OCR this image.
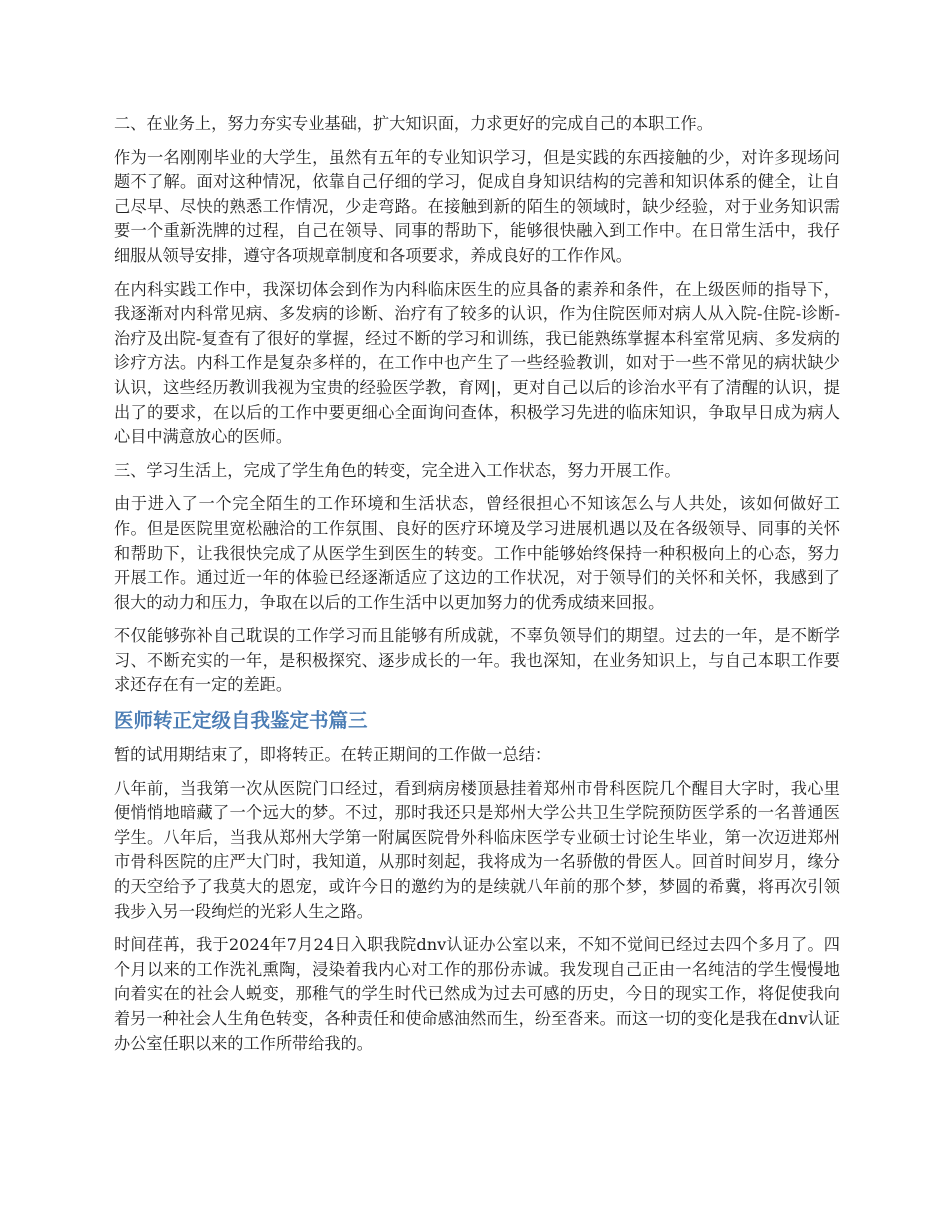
二、在业务上，努力夯实专业基础，扩大知识面，力求更好的完成自己的本职工作。

作为一名刚刚毕业的大学生，虽然有五年的专业知识学习，但是实践的东西接触的少，对许多现场问题不了解。面对这种情况，依靠自己仔细的学习，促成自身知识结构的完善和知识体系的健全，让自己尽早、尽快的熟悉工作情况，少走弯路。在接触到新的陌生的领域时，缺少经验，对于业务知识需要一个重新洗牌的过程，自己在领导、同事的帮助下，能够很快融入到工作中。在日常生活中，我仔细服从领导安排，遵守各项规章制度和各项要求，养成良好的工作作风。

在内科实践工作中，我深切体会到作为内科临床医生的应具备的素养和条件，在上级医师的指导下，我逐渐对内科常见病、多发病的诊断、治疗有了较多的认识，作为住院医师对病人从入院-住院-诊断-治疗及出院-复查有了很好的掌握，经过不断的学习和训练，我已能熟练掌握本科室常见病、多发病的诊疗方法。内科工作是复杂多样的，在工作中也产生了一些经验教训，如对于一些不常见的病状缺少认识，这些经历教训我视为宝贵的经验医学教，育网|，更对自己以后的诊治水平有了清醒的认识，提出了的要求，在以后的工作中要更细心全面询问查体，积极学习先进的临床知识，争取早日成为病人心目中满意放心的医师。

三、学习生活上，完成了学生角色的转变，完全进入工作状态，努力开展工作。

由于进入了一个完全陌生的工作环境和生活状态，曾经很担心不知该怎么与人共处，该如何做好工作。但是医院里宽松融洽的工作氛围、良好的医疗环境及学习进展机遇以及在各级领导、同事的关怀和帮助下，让我很快完成了从医学生到医生的转变。工作中能够始终保持一种积极向上的心态，努力开展工作。通过近一年的体验已经逐渐适应了这边的工作状况，对于领导们的关怀和关怀，我感到了很大的动力和压力，争取在以后的工作生活中以更加努力的优秀成绩来回报。

不仅能够弥补自己耽误的工作学习而且能够有所成就，不辜负领导们的期望。过去的一年，是不断学习、不断充实的一年，是积极探究、逐步成长的一年。我也深知，在业务知识上，与自己本职工作要求还存在有一定的差距。

医师转正定级自我鉴定书篇三

暂的试用期结束了，即将转正。在转正期间的工作做一总结：

八年前，当我第一次从医院门口经过，看到病房楼顶悬挂着郑州市骨科医院几个醒目大字时，我心里便悄悄地暗藏了一个远大的梦。不过，那时我还只是郑州大学公共卫生学院预防医学系的一名普通医学生。八年后，当我从郑州大学第一附属医院骨外科临床医学专业硕士讨论生毕业，第一次迈进郑州市骨科医院的庄严大门时，我知道，从那时刻起，我将成为一名骄傲的骨医人。回首时间岁月，缘分的天空给予了我莫大的恩宠，或许今日的邀约为的是续就八年前的那个梦，梦圆的希冀，将再次引领我步入另一段绚烂的光彩人生之路。

时间荏苒，我于2024年7月24日入职我院dnv认证办公室以来，不知不觉间已经过去四个多月了。四个月以来的工作洗礼熏陶，浸染着我内心对工作的那份赤诚。我发现自己正由一名纯洁的学生慢慢地向着实在的社会人蜕变，那稚气的学生时代已然成为过去可感的历史，今日的现实工作，将促使我向着另一种社会人生角色转变，各种责任和使命感油然而生，纷至沓来。而这一切的变化是我在dnv认证办公室任职以来的工作所带给我的。
